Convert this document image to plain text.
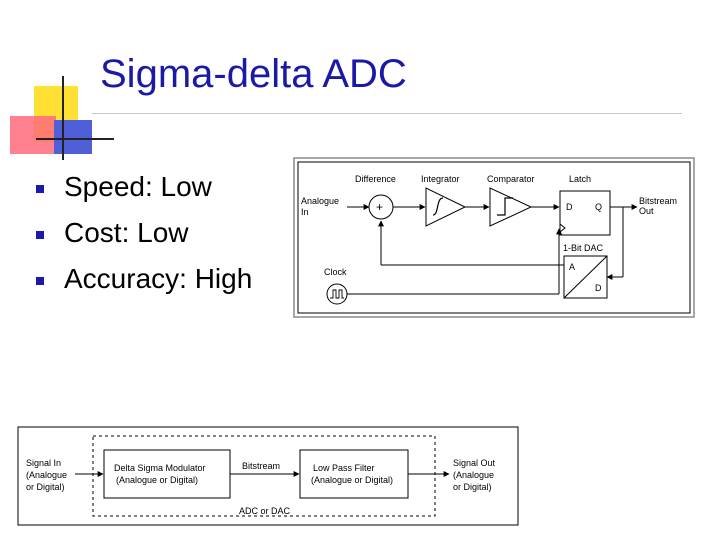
Sigma-delta ADC
Speed: Low
Cost: Low
Accuracy: High
Difference	Integrator	Comparator	Latch
Analogue
In
Bitstream
Out
Clock
1-Bit DAC
+	D	Q
A
D
Signal In
(Analogue
or Digital)
Delta Sigma Modulator
(Analogue or Digital)
Bitstream	Low Pass Filter
(Analogue or Digital)
Signal Out
(Analogue
or Digital)
ADC or DAC
